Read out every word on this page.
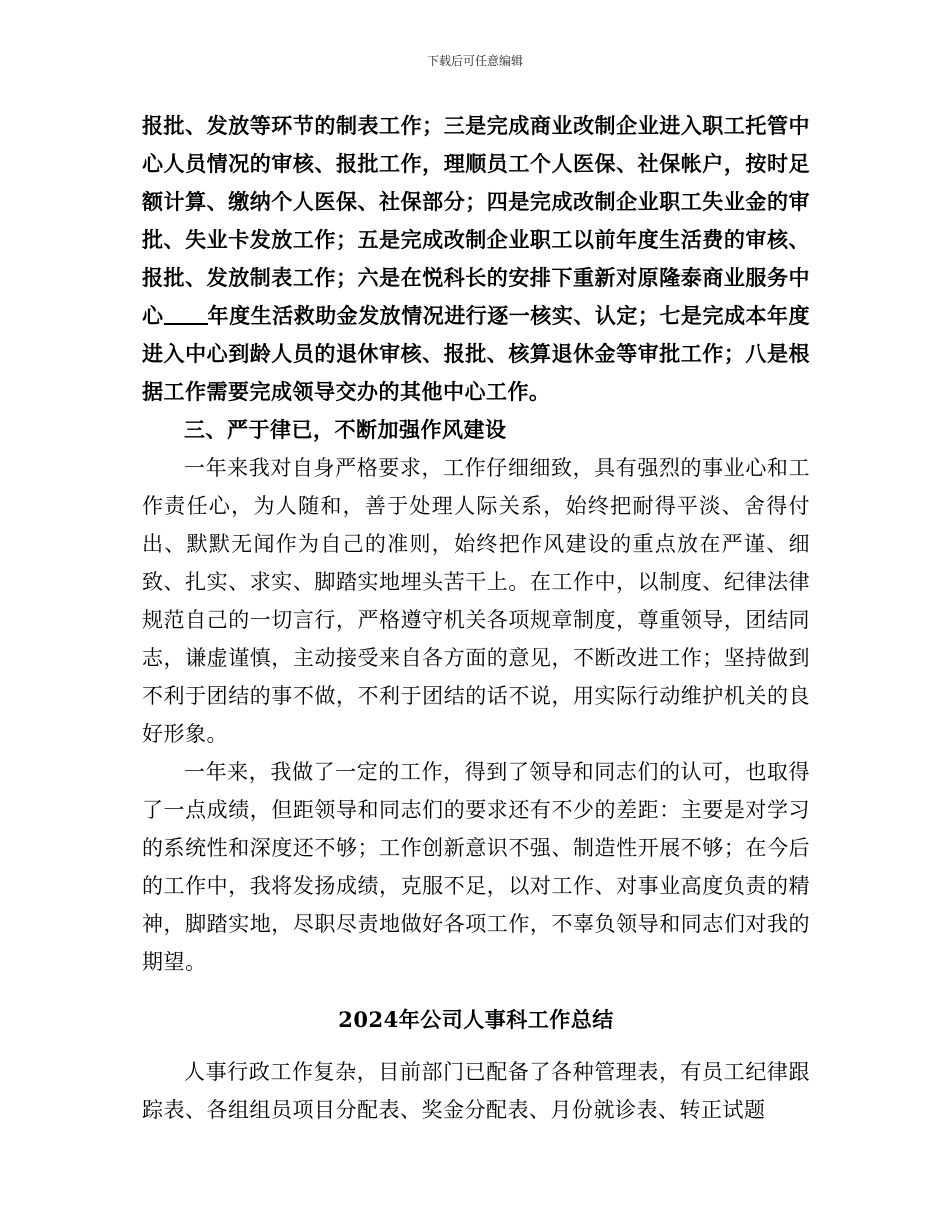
下载后可任意编辑

报批、发放等环节的制表工作；三是完成商业改制企业进入职工托管中心人员情况的审核、报批工作，理顺员工个人医保、社保帐户，按时足额计算、缴纳个人医保、社保部分；四是完成改制企业职工失业金的审批、失业卡发放工作；五是完成改制企业职工以前年度生活费的审核、报批、发放制表工作；六是在悦科长的安排下重新对原隆泰商业服务中心 年度生活救助金发放情况进行逐一核实、认定；七是完成本年度进入中心到龄人员的退休审核、报批、核算退休金等审批工作；八是根据工作需要完成领导交办的其他中心工作。

三、严于律已，不断加强作风建设

一年来我对自身严格要求，工作仔细细致，具有强烈的事业心和工作责任心，为人随和，善于处理人际关系，始终把耐得平淡、舍得付出、默默无闻作为自己的准则，始终把作风建设的重点放在严谨、细致、扎实、求实、脚踏实地埋头苦干上。在工作中，以制度、纪律法律规范自己的一切言行，严格遵守机关各项规章制度，尊重领导，团结同志，谦虚谨慎，主动接受来自各方面的意见，不断改进工作；坚持做到不利于团结的事不做，不利于团结的话不说，用实际行动维护机关的良好形象。

一年来，我做了一定的工作，得到了领导和同志们的认可，也取得了一点成绩，但距领导和同志们的要求还有不少的差距：主要是对学习的系统性和深度还不够；工作创新意识不强、制造性开展不够；在今后的工作中，我将发扬成绩，克服不足，以对工作、对事业高度负责的精神，脚踏实地，尽职尽责地做好各项工作，不辜负领导和同志们对我的期望。

2024年公司人事科工作总结

人事行政工作复杂，目前部门已配备了各种管理表，有员工纪律跟踪表、各组组员项目分配表、奖金分配表、月份就诊表、转正试题
